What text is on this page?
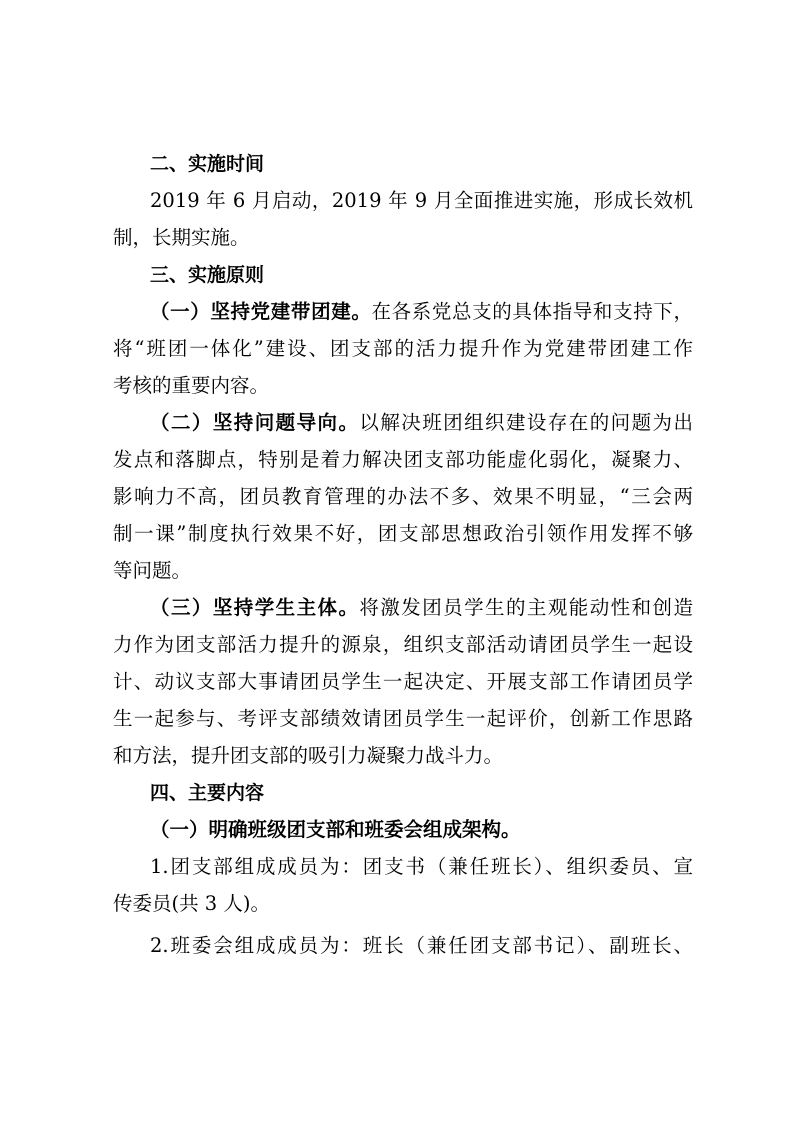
二、实施时间
2019 年 6 月启动，2019 年 9 月全面推进实施，形成长效机
制，长期实施。
三、实施原则
（一）坚持党建带团建。在各系党总支的具体指导和支持下，
将“班团一体化”建设、团支部的活力提升作为党建带团建工作
考核的重要内容。
（二）坚持问题导向。以解决班团组织建设存在的问题为出
发点和落脚点，特别是着力解决团支部功能虚化弱化，凝聚力、
影响力不高，团员教育管理的办法不多、效果不明显，“三会两
制一课”制度执行效果不好，团支部思想政治引领作用发挥不够
等问题。
（三）坚持学生主体。将激发团员学生的主观能动性和创造
力作为团支部活力提升的源泉，组织支部活动请团员学生一起设
计、动议支部大事请团员学生一起决定、开展支部工作请团员学
生一起参与、考评支部绩效请团员学生一起评价，创新工作思路
和方法，提升团支部的吸引力凝聚力战斗力。
四、主要内容
（一）明确班级团支部和班委会组成架构。
1.团支部组成成员为：团支书（兼任班长）、组织委员、宣
传委员(共 3 人)。
2.班委会组成成员为：班长（兼任团支部书记）、副班长、
